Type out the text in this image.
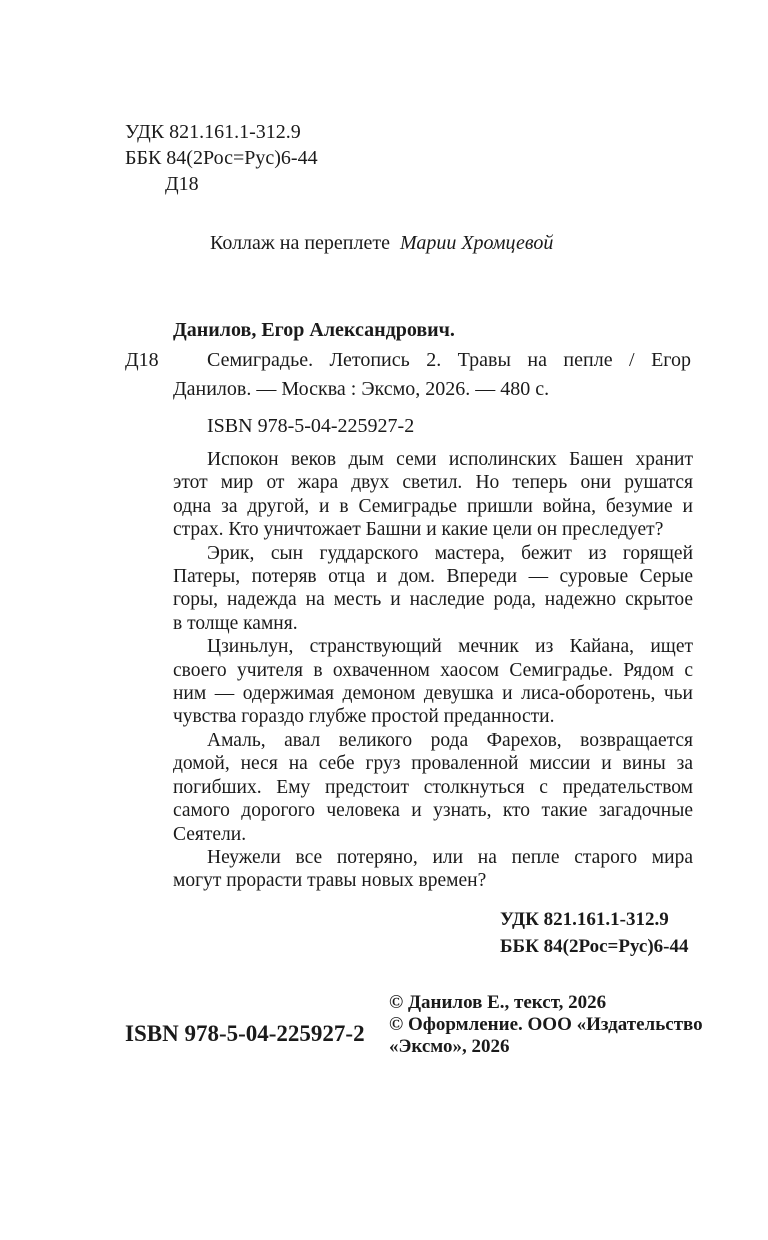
УДК 821.161.1-312.9
ББК 84(2Рос=Рус)6-44
Д18
Коллаж на переплете Марии Хромцевой
Данилов, Егор Александрович.
Д18 Семиградье. Летопись 2. Травы на пепле / Егор
Данилов. — Москва : Эксмо, 2026. — 480 с.
ISBN 978-5-04-225927-2
Испокон веков дым семи исполинских Башен хранит
этот мир от жара двух светил. Но теперь они рушатся
одна за другой, и в Семиградье пришли война, безумие и
страх. Кто уничтожает Башни и какие цели он преследует?
Эрик, сын гуддарского мастера, бежит из горящей
Патеры, потеряв отца и дом. Впереди — суровые Серые
горы, надежда на месть и наследие рода, надежно скрытое
в толще камня.
Цзиньлун, странствующий мечник из Кайана, ищет
своего учителя в охваченном хаосом Семиградье. Рядом с
ним — одержимая демоном девушка и лиса-оборотень, чьи
чувства гораздо глубже простой преданности.
Амаль, авал великого рода Фарехов, возвращается
домой, неся на себе груз проваленной миссии и вины за
погибших. Ему предстоит столкнуться с предательством
самого дорогого человека и узнать, кто такие загадочные
Сеятели.
Неужели все потеряно, или на пепле старого мира
могут прорасти травы новых времен?
УДК 821.161.1-312.9
ББК 84(2Рос=Рус)6-44
ISBN 978-5-04-225927-2
© Данилов Е., текст, 2026
© Оформление. ООО «Издательство
«Эксмо», 2026
